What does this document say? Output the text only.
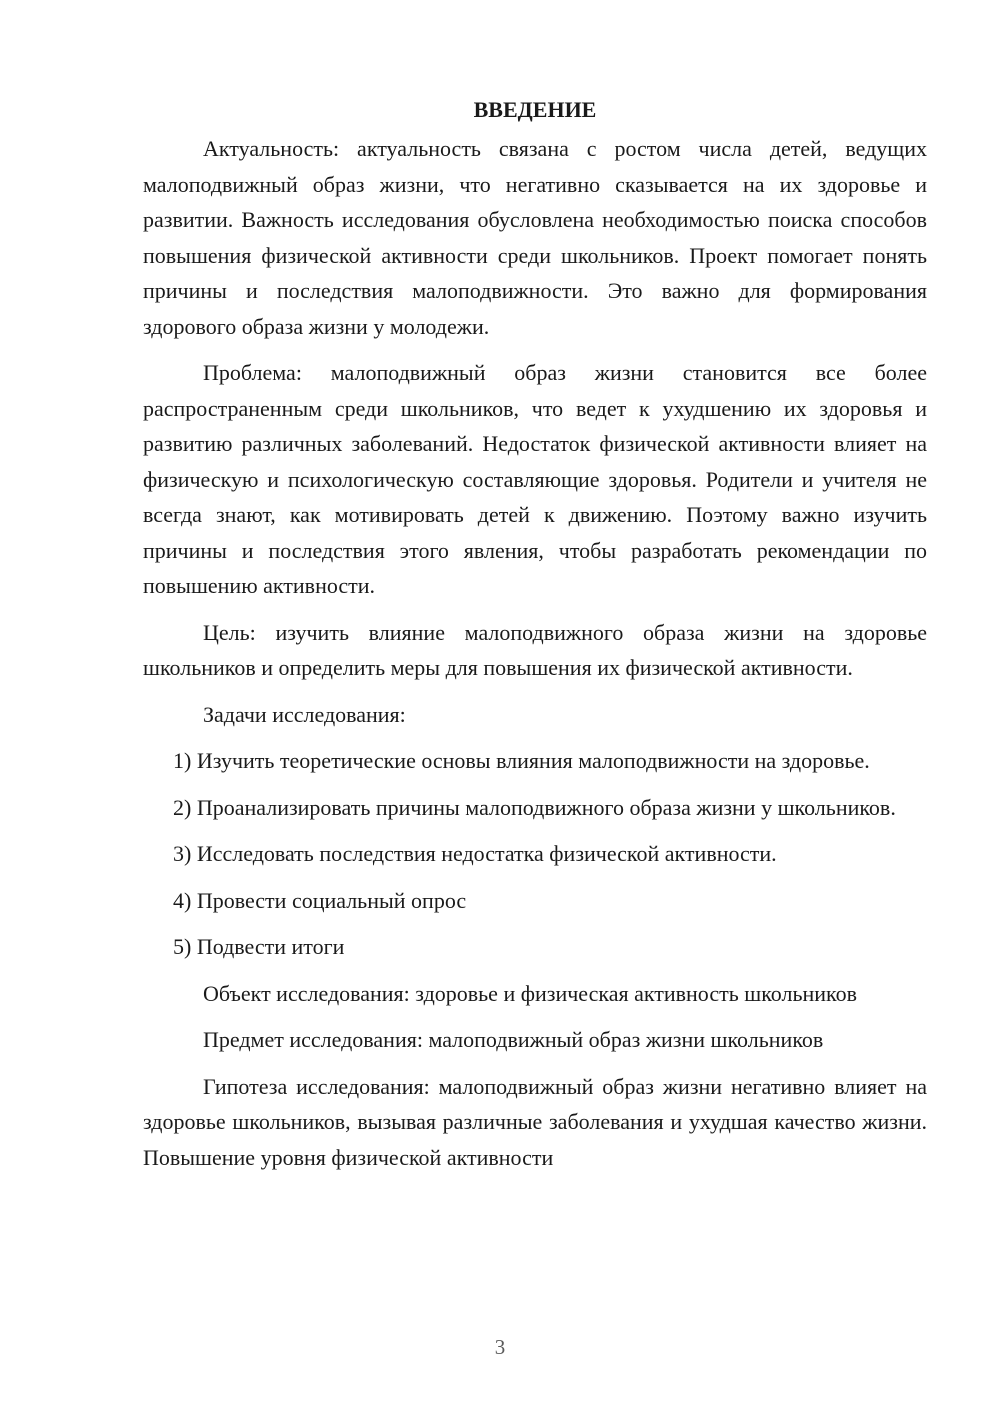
ВВЕДЕНИЕ

Актуальность: актуальность связана с ростом числа детей, ведущих малоподвижный образ жизни, что негативно сказывается на их здоровье и развитии. Важность исследования обусловлена необходимостью поиска способов повышения физической активности среди школьников. Проект помогает понять причины и последствия малоподвижности. Это важно для формирования здорового образа жизни у молодежи.

Проблема: малоподвижный образ жизни становится все более распространенным среди школьников, что ведет к ухудшению их здоровья и развитию различных заболеваний. Недостаток физической активности влияет на физическую и психологическую составляющие здоровья. Родители и учителя не всегда знают, как мотивировать детей к движению. Поэтому важно изучить причины и последствия этого явления, чтобы разработать рекомендации по повышению активности.

Цель: изучить влияние малоподвижного образа жизни на здоровье школьников и определить меры для повышения их физической активности.

Задачи исследования:

1) Изучить теоретические основы влияния малоподвижности на здоровье.

2) Проанализировать причины малоподвижного образа жизни у школьников.

3) Исследовать последствия недостатка физической активности.

4) Провести социальный опрос

5) Подвести итоги

Объект исследования: здоровье и физическая активность школьников

Предмет исследования: малоподвижный образ жизни школьников

Гипотеза исследования: малоподвижный образ жизни негативно влияет на здоровье школьников, вызывая различные заболевания и ухудшая качество жизни. Повышение уровня физической активности

3
